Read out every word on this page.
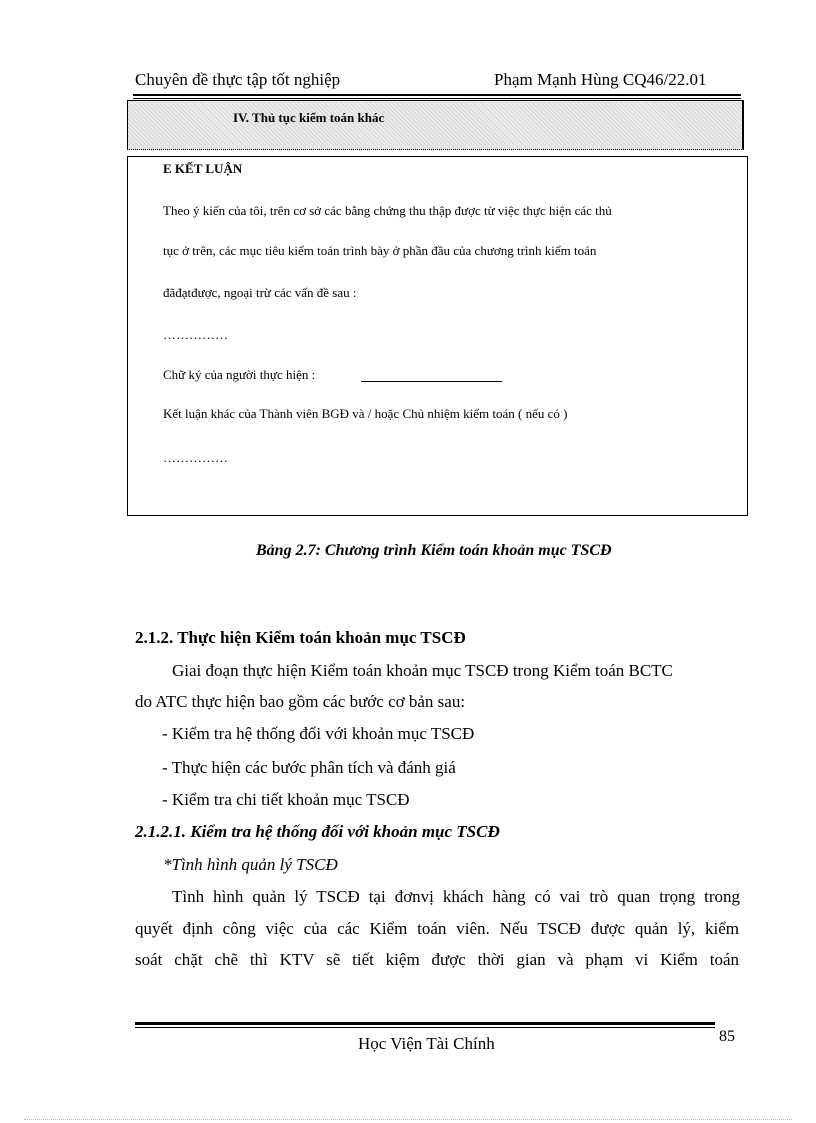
Chuyên đề thực tập tốt nghiệp	Phạm Mạnh Hùng CQ46/22.01
IV. Thủ tục kiểm toán khác
E KẾT LUẬN
Theo ý kiến của tôi, trên cơ sở các bằng chứng thu thập được từ việc thực hiện các thủ
tục ở trên, các mục tiêu kiểm toán trình bày ở phần đầu của chương trình kiểm toán
đãđạtđược, ngoại trừ các vấn đề sau :
……………
Chữ ký của người thực hiện :
Kết luận khác của Thành viên BGĐ và / hoặc Chủ nhiệm kiểm toán ( nếu có )
……………
Bảng 2.7: Chương trình Kiểm toán khoản mục TSCĐ
2.1.2. Thực hiện Kiểm toán khoản mục TSCĐ
Giai đoạn thực hiện Kiểm toán khoản mục TSCĐ trong Kiểm toán BCTC
do ATC thực hiện bao gồm các bước cơ bản sau:
- Kiểm tra hệ thống đối với khoản mục TSCĐ
- Thực hiện các bước phân tích và đánh giá
- Kiểm tra chi tiết khoản mục TSCĐ
2.1.2.1. Kiểm tra hệ thống đối với khoản mục TSCĐ
*Tình hình quản lý TSCĐ
Tình hình quản lý TSCĐ tại đơnvị khách hàng có vai trò quan trọng trong
quyết định công việc của các Kiểm toán viên. Nếu TSCĐ được quản lý, kiểm
soát chặt chẽ thì KTV sẽ tiết kiệm được thời gian và phạm vi Kiểm toán
Học Viện Tài Chính	85
